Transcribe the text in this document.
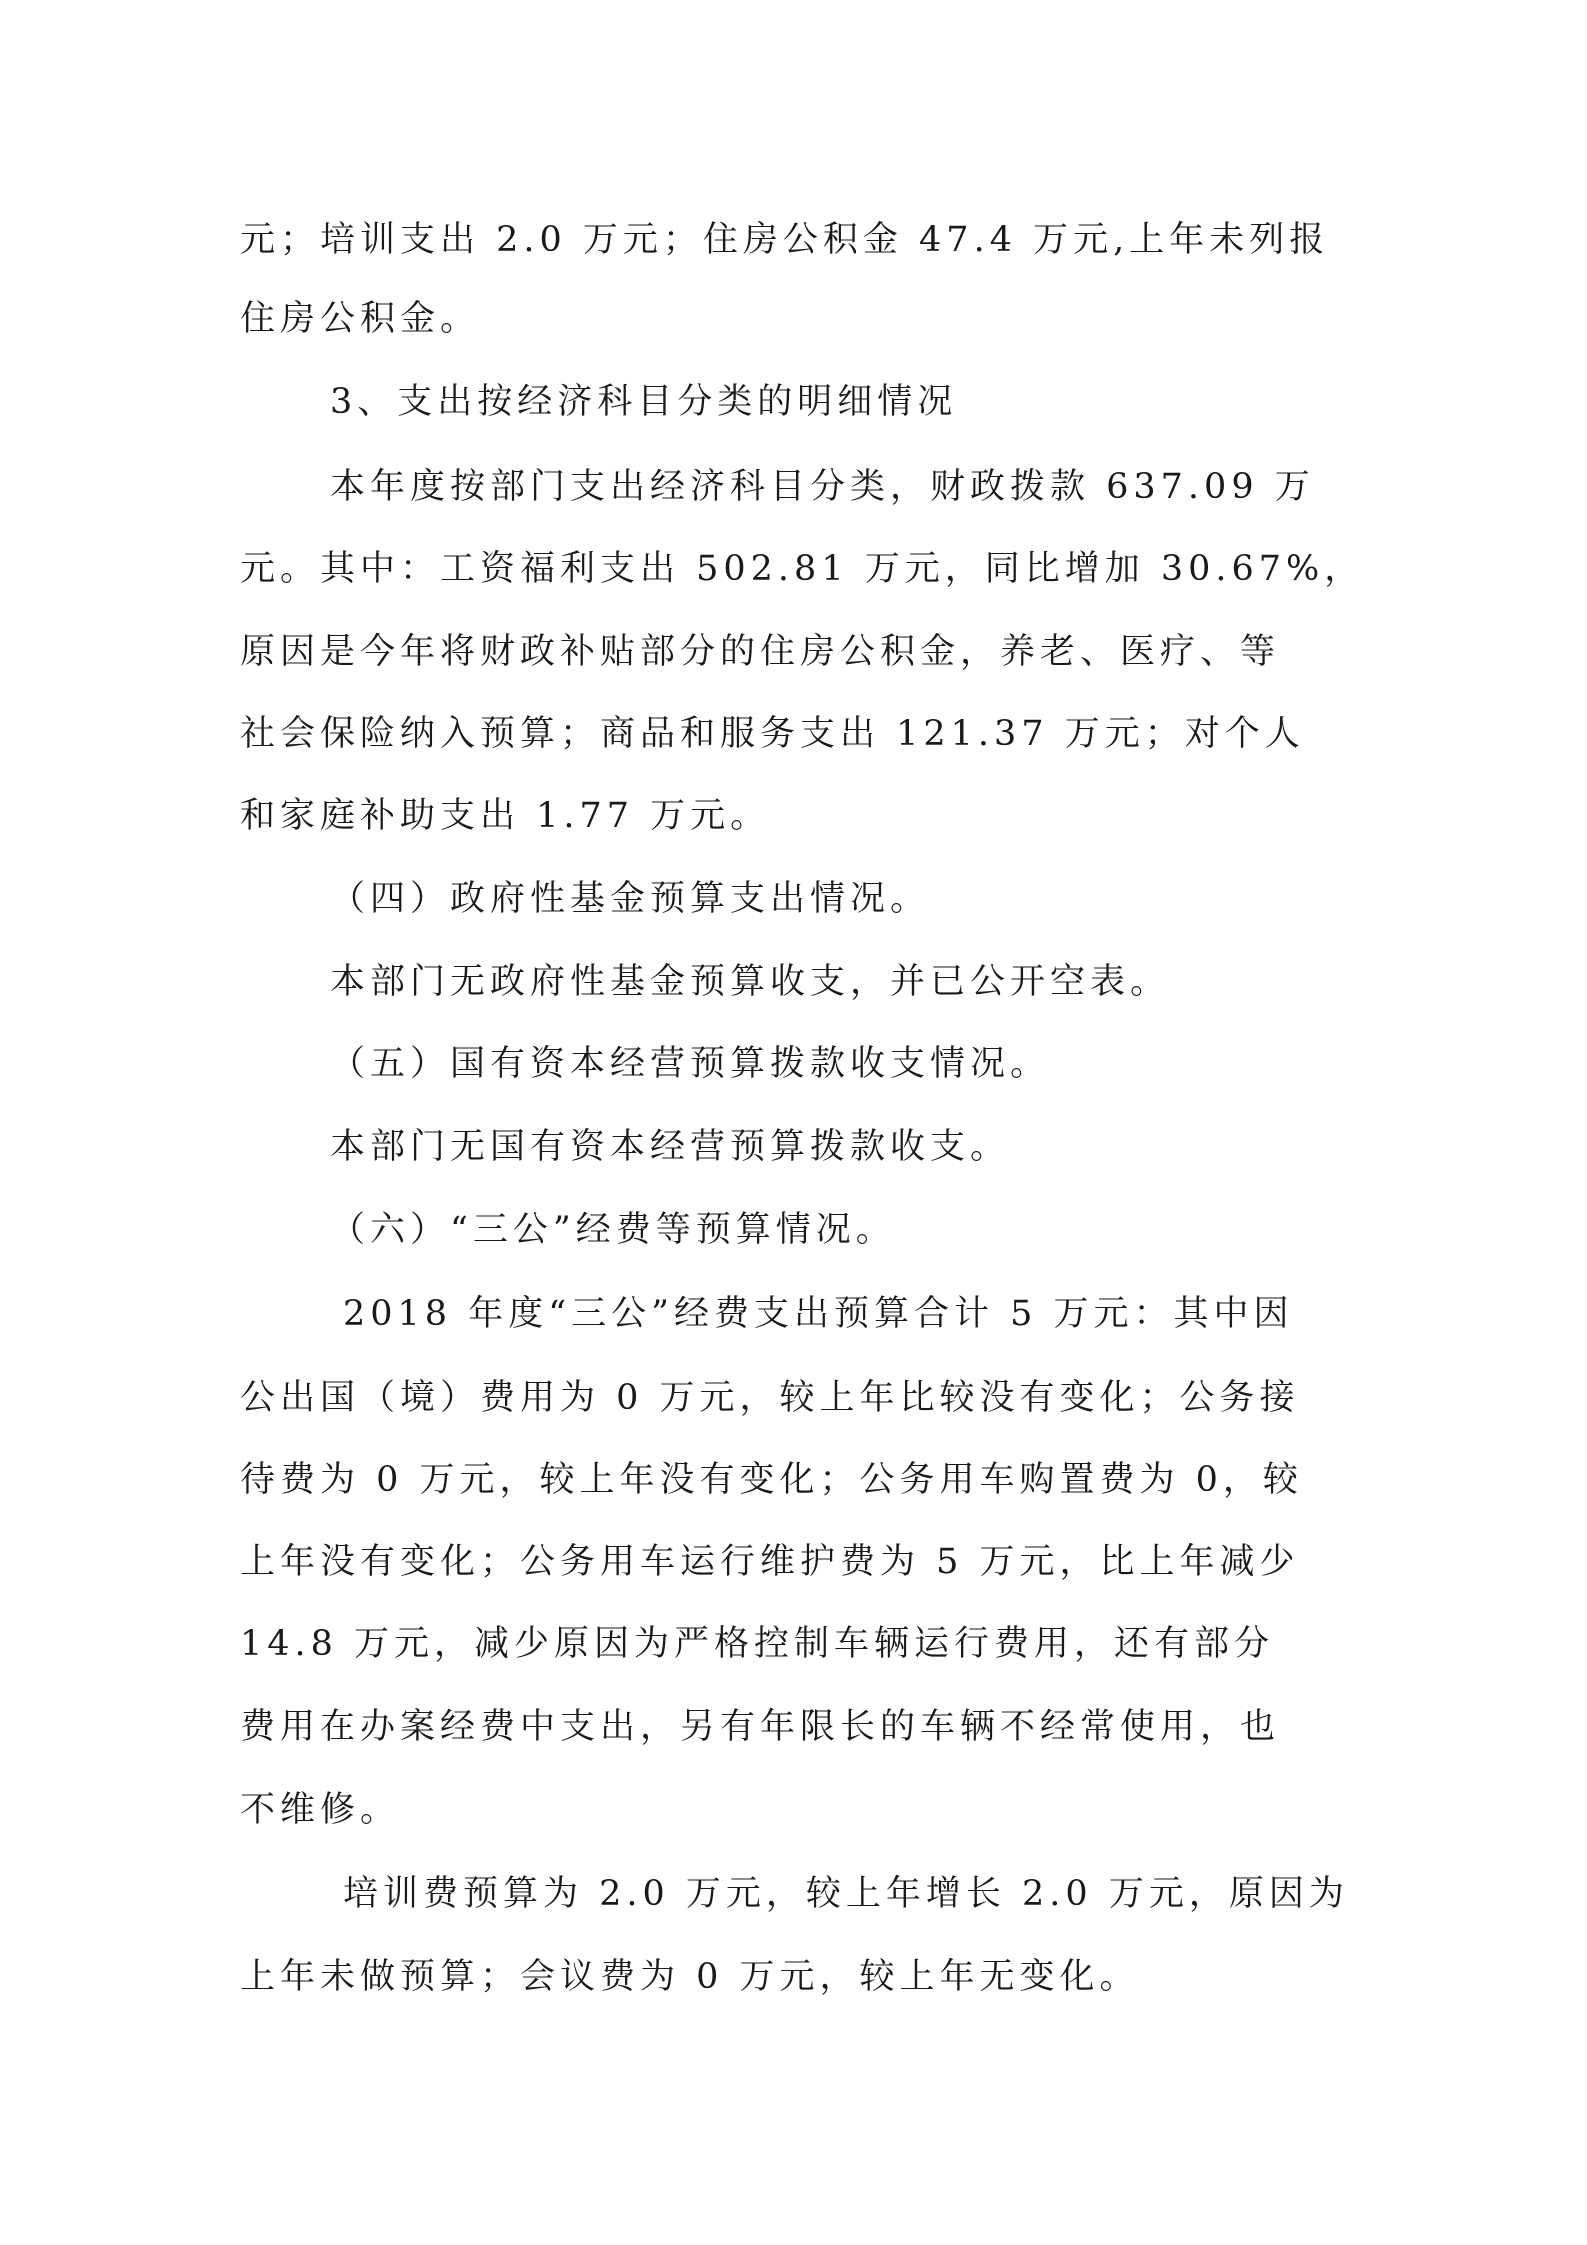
元；培训支出 2.0 万元；住房公积金 47.4 万元,上年未列报
住房公积金。
3、支出按经济科目分类的明细情况
本年度按部门支出经济科目分类，财政拨款 637.09 万
元。其中：工资福利支出 502.81 万元，同比增加 30.67%，
原因是今年将财政补贴部分的住房公积金，养老、医疗、等
社会保险纳入预算；商品和服务支出 121.37 万元；对个人
和家庭补助支出 1.77 万元。
（四）政府性基金预算支出情况。
本部门无政府性基金预算收支，并已公开空表。
（五）国有资本经营预算拨款收支情况。
本部门无国有资本经营预算拨款收支。
（六）“三公”经费等预算情况。
2018 年度“三公”经费支出预算合计 5 万元：其中因
公出国（境）费用为 0 万元，较上年比较没有变化；公务接
待费为 0 万元，较上年没有变化；公务用车购置费为 0，较
上年没有变化；公务用车运行维护费为 5 万元，比上年减少
14.8 万元，减少原因为严格控制车辆运行费用，还有部分
费用在办案经费中支出，另有年限长的车辆不经常使用，也
不维修。
培训费预算为 2.0 万元，较上年增长 2.0 万元，原因为
上年未做预算；会议费为 0 万元，较上年无变化。
